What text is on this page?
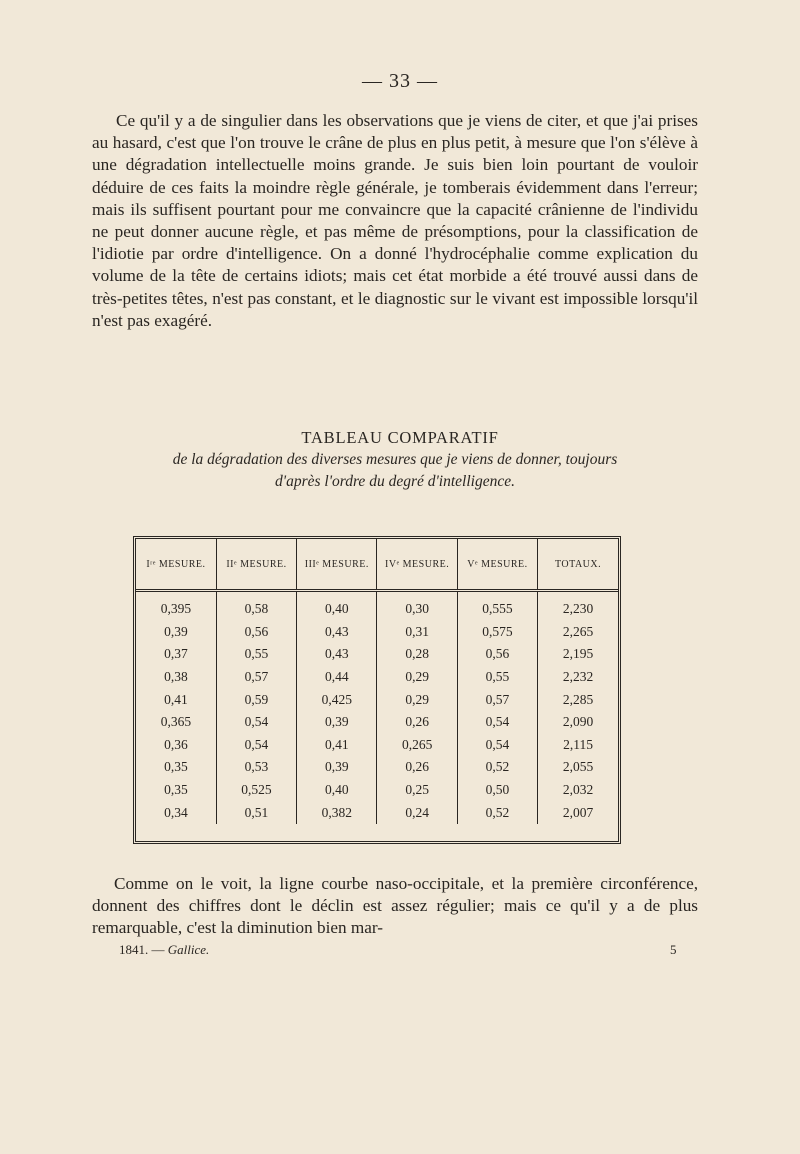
— 33 —
Ce qu'il y a de singulier dans les observations que je viens de citer, et que j'ai prises au hasard, c'est que l'on trouve le crâne de plus en plus petit, à mesure que l'on s'élève à une dégradation intellectuelle moins grande. Je suis bien loin pourtant de vouloir déduire de ces faits la moindre règle générale, je tomberais évidemment dans l'erreur; mais ils suffisent pourtant pour me convaincre que la capacité crânienne de l'individu ne peut donner aucune règle, et pas même de présomptions, pour la classification de l'idiotie par ordre d'intelligence. On a donné l'hydrocéphalie comme explication du volume de la tête de certains idiots; mais cet état morbide a été trouvé aussi dans de très-petites têtes, n'est pas constant, et le diagnostic sur le vivant est impossible lorsqu'il n'est pas exagéré.
TABLEAU COMPARATIF
de la dégradation des diverses mesures que je viens de donner, toujours
d'après l'ordre du degré d'intelligence.
Iʳᵉ MESURE.	IIᵉ MESURE.	IIIᵉ MESURE.	IVᵉ MESURE.	Vᵉ MESURE.	TOTAUX.
0,395	0,58	0,40	0,30	0,555	2,230
0,39	0,56	0,43	0,31	0,575	2,265
0,37	0,55	0,43	0,28	0,56	2,195
0,38	0,57	0,44	0,29	0,55	2,232
0,41	0,59	0,425	0,29	0,57	2,285
0,365	0,54	0,39	0,26	0,54	2,090
0,36	0,54	0,41	0,265	0,54	2,115
0,35	0,53	0,39	0,26	0,52	2,055
0,35	0,525	0,40	0,25	0,50	2,032
0,34	0,51	0,382	0,24	0,52	2,007
Comme on le voit, la ligne courbe naso-occipitale, et la première circonférence, donnent des chiffres dont le déclin est assez régulier; mais ce qu'il y a de plus remarquable, c'est la diminution bien mar-
1841. — Gallice.	5
